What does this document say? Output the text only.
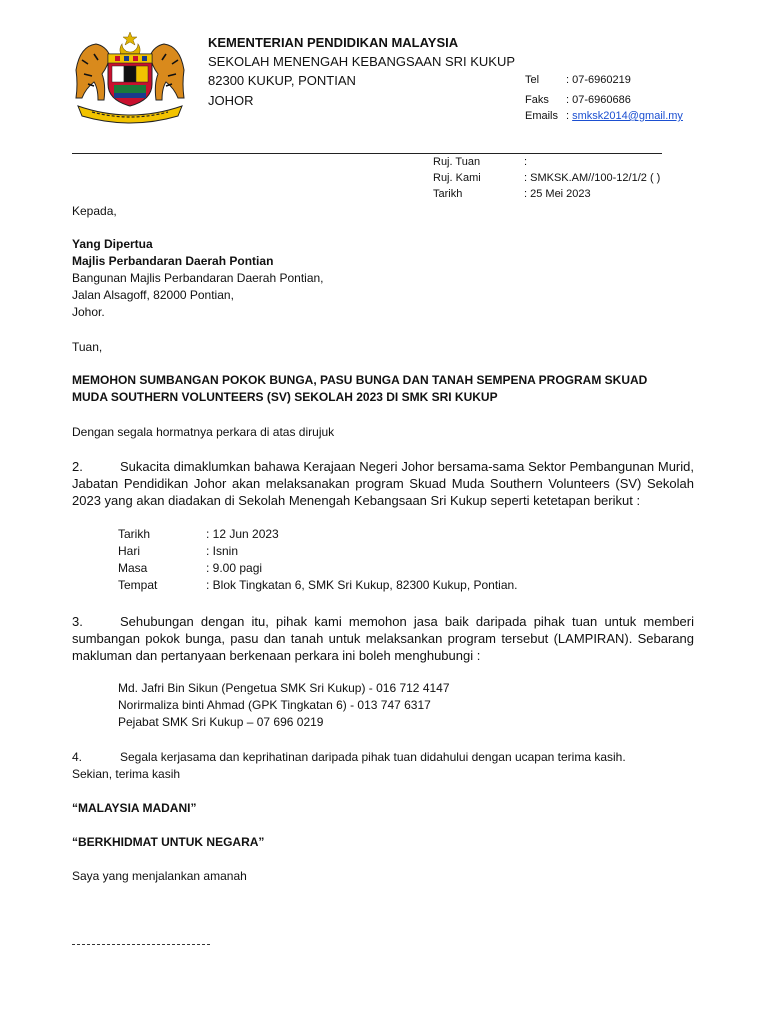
KEMENTERIAN PENDIDIKAN MALAYSIA
SEKOLAH MENENGAH KEBANGSAAN SRI KUKUP
82300 KUKUP, PONTIAN
JOHOR
Tel : 07-6960219
Faks : 07-6960686
Emails : smksk2014@gmail.my
Ruj. Tuan	:
Ruj. Kami	: SMKSK.AM//100-12/1/2 ( )
Tarikh	: 25 Mei 2023
Kepada,
Yang Dipertua
Majlis Perbandaran Daerah Pontian
Bangunan Majlis Perbandaran Daerah Pontian,
Jalan Alsagoff, 82000 Pontian,
Johor.
Tuan,
MEMOHON SUMBANGAN POKOK BUNGA, PASU BUNGA DAN TANAH SEMPENA PROGRAM SKUAD
MUDA SOUTHERN VOLUNTEERS (SV) SEKOLAH 2023 DI SMK SRI KUKUP
Dengan segala hormatnya perkara di atas dirujuk
2.	Sukacita dimaklumkan bahawa Kerajaan Negeri Johor bersama-sama Sektor Pembangunan Murid, Jabatan Pendidikan Johor akan melaksanakan program Skuad Muda Southern Volunteers (SV) Sekolah 2023 yang akan diadakan di Sekolah Menengah Kebangsaan Sri Kukup seperti ketetapan berikut :
Tarikh	: 12 Jun 2023
Hari	: Isnin
Masa	: 9.00 pagi
Tempat	: Blok Tingkatan 6, SMK Sri Kukup, 82300 Kukup, Pontian.
3.	Sehubungan dengan itu, pihak kami memohon jasa baik daripada pihak tuan untuk memberi sumbangan pokok bunga, pasu dan tanah untuk melaksankan program tersebut (LAMPIRAN). Sebarang makluman dan pertanyaan berkenaan perkara ini boleh menghubungi :
Md. Jafri Bin Sikun (Pengetua SMK Sri Kukup) - 016 712 4147
Norirmaliza binti Ahmad (GPK Tingkatan 6) - 013 747 6317
Pejabat SMK Sri Kukup – 07 696 0219
4.	Segala kerjasama dan keprihatinan daripada pihak tuan didahului dengan ucapan terima kasih.
Sekian, terima kasih
“MALAYSIA MADANI”
“BERKHIDMAT UNTUK NEGARA”
Saya yang menjalankan amanah
